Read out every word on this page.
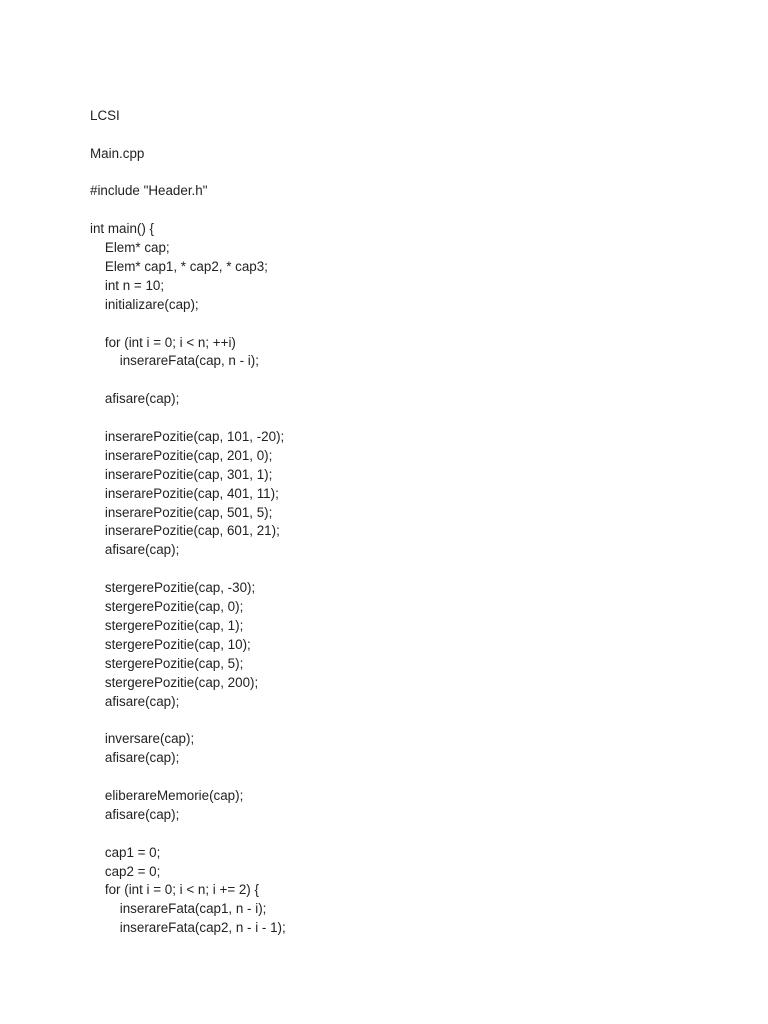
LCSI
Main.cpp
#include "Header.h"
int main() {
Elem* cap;
Elem* cap1, * cap2, * cap3;
int n = 10;
initializare(cap);
for (int i = 0; i < n; ++i)
inserareFata(cap, n - i);
afisare(cap);
inserarePozitie(cap, 101, -20);
inserarePozitie(cap, 201, 0);
inserarePozitie(cap, 301, 1);
inserarePozitie(cap, 401, 11);
inserarePozitie(cap, 501, 5);
inserarePozitie(cap, 601, 21);
afisare(cap);
stergerePozitie(cap, -30);
stergerePozitie(cap, 0);
stergerePozitie(cap, 1);
stergerePozitie(cap, 10);
stergerePozitie(cap, 5);
stergerePozitie(cap, 200);
afisare(cap);
inversare(cap);
afisare(cap);
eliberareMemorie(cap);
afisare(cap);
cap1 = 0;
cap2 = 0;
for (int i = 0; i < n; i += 2) {
inserareFata(cap1, n - i);
inserareFata(cap2, n - i - 1);
